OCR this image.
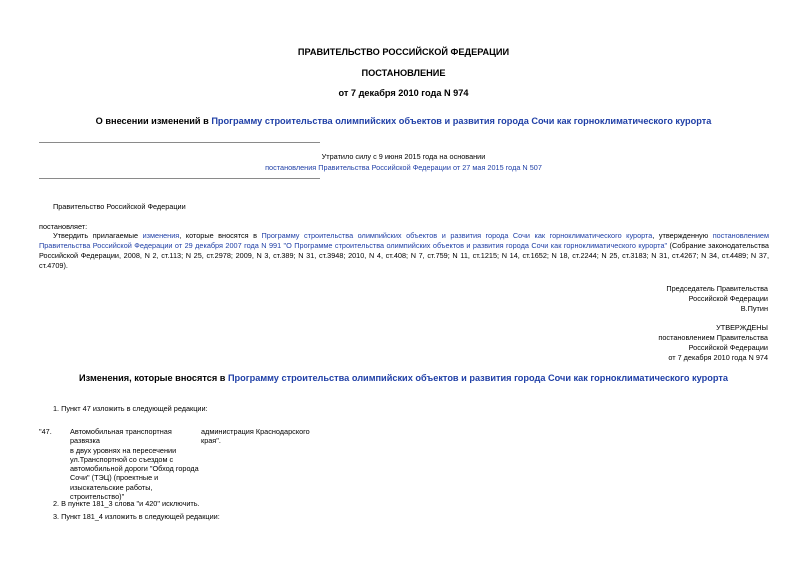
ПРАВИТЕЛЬСТВО РОССИЙСКОЙ ФЕДЕРАЦИИ
ПОСТАНОВЛЕНИЕ
от 7 декабря 2010 года N 974
О внесении изменений в Программу строительства олимпийских объектов и развития города Сочи как горноклиматического курорта
Утратило силу с 9 июня 2015 года на основании
постановления Правительства Российской Федерации от 27 мая 2015 года N 507
Правительство Российской Федерации
постановляет:
Утвердить прилагаемые изменения, которые вносятся в Программу строительства олимпийских объектов и развития города Сочи как горноклиматического курорта, утвержденную постановлением Правительства Российской Федерации от 29 декабря 2007 года N 991 "О Программе строительства олимпийских объектов и развития города Сочи как горноклиматического курорта" (Собрание законодательства Российской Федерации, 2008, N 2, ст.113; N 25, ст.2978; 2009, N 3, ст.389; N 31, ст.3948; 2010, N 4, ст.408; N 7, ст.759; N 11, ст.1215; N 14, ст.1652; N 18, ст.2244; N 25, ст.3183; N 31, ст.4267; N 34, ст.4489; N 37, ст.4709).
Председатель Правительства
Российской Федерации
В.Путин
УТВЕРЖДЕНЫ
постановлением Правительства
Российской Федерации
от 7 декабря 2010 года N 974
Изменения, которые вносятся в Программу строительства олимпийских объектов и развития города Сочи как горноклиматического курорта
1. Пункт 47 изложить в следующей редакции:
"47.	Автомобильная транспортная развязка
в двух уровнях на пересечении
ул.Транспортной со съездом с
автомобильной дороги "Обход города
Сочи" (ТЭЦ) (проектные и
изыскательские работы,
строительство)"
администрация Краснодарского
края".
2. В пункте 181_3 слова "и 420" исключить.
3. Пункт 181_4 изложить в следующей редакции:
